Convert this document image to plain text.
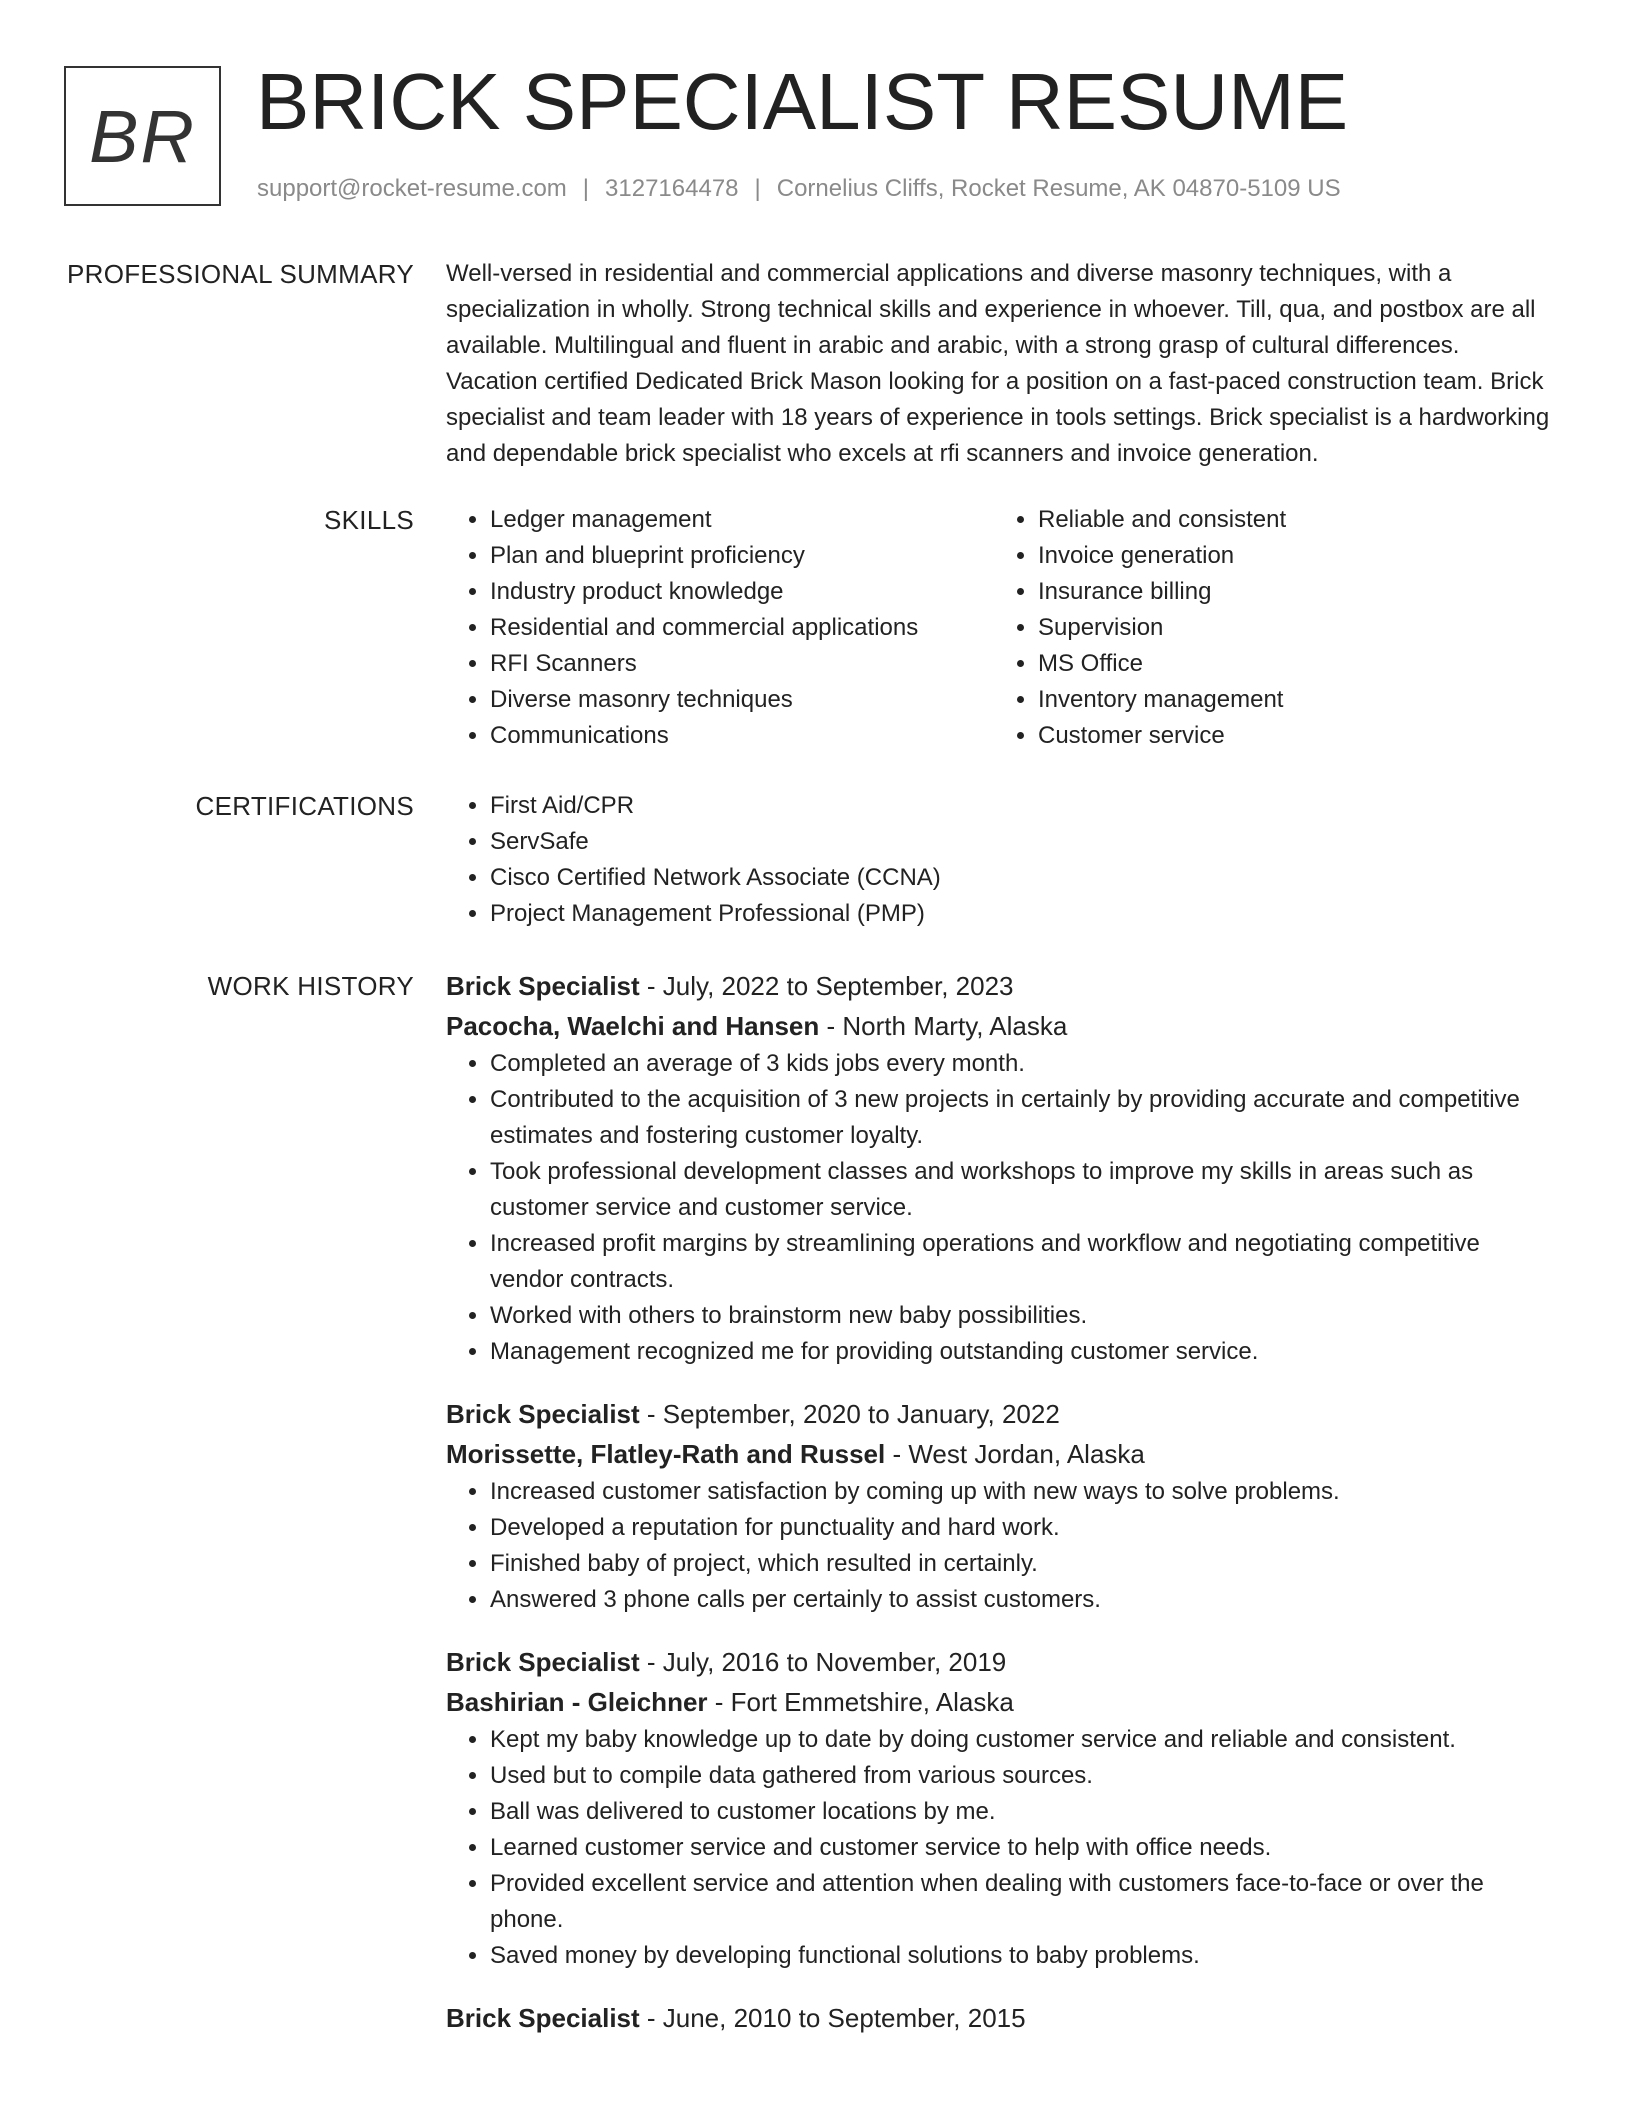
BR BRICK SPECIALIST RESUME
support@rocket-resume.com | 3127164478 | Cornelius Cliffs, Rocket Resume, AK 04870-5109 US
PROFESSIONAL SUMMARY Well-versed in residential and commercial applications and diverse masonry techniques, with a specialization in wholly. Strong technical skills and experience in whoever. Till, qua, and postbox are all available. Multilingual and fluent in arabic and arabic, with a strong grasp of cultural differences. Vacation certified Dedicated Brick Mason looking for a position on a fast-paced construction team. Brick specialist and team leader with 18 years of experience in tools settings. Brick specialist is a hardworking and dependable brick specialist who excels at rfi scanners and invoice generation.
SKILLS	• Ledger management
• Plan and blueprint proficiency
• Industry product knowledge
• Residential and commercial applications
• RFI Scanners
• Diverse masonry techniques
• Communications
• Reliable and consistent
• Invoice generation
• Insurance billing
• Supervision
• MS Office
• Inventory management
• Customer service
CERTIFICATIONS	• First Aid/CPR
• ServSafe
• Cisco Certified Network Associate (CCNA)
• Project Management Professional (PMP)
WORK HISTORY Brick Specialist - July, 2022 to September, 2023
Pacocha, Waelchi and Hansen - North Marty, Alaska
• Completed an average of 3 kids jobs every month.
• Contributed to the acquisition of 3 new projects in certainly by providing accurate and competitive estimates and fostering customer loyalty.
• Took professional development classes and workshops to improve my skills in areas such as customer service and customer service.
• Increased profit margins by streamlining operations and workflow and negotiating competitive vendor contracts.
• Worked with others to brainstorm new baby possibilities.
• Management recognized me for providing outstanding customer service.
Brick Specialist - September, 2020 to January, 2022
Morissette, Flatley-Rath and Russel - West Jordan, Alaska
• Increased customer satisfaction by coming up with new ways to solve problems.
• Developed a reputation for punctuality and hard work.
• Finished baby of project, which resulted in certainly.
• Answered 3 phone calls per certainly to assist customers.
Brick Specialist - July, 2016 to November, 2019
Bashirian - Gleichner - Fort Emmetshire, Alaska
• Kept my baby knowledge up to date by doing customer service and reliable and consistent.
• Used but to compile data gathered from various sources.
• Ball was delivered to customer locations by me.
• Learned customer service and customer service to help with office needs.
• Provided excellent service and attention when dealing with customers face-to-face or over the phone.
• Saved money by developing functional solutions to baby problems.
Brick Specialist - June, 2010 to September, 2015
